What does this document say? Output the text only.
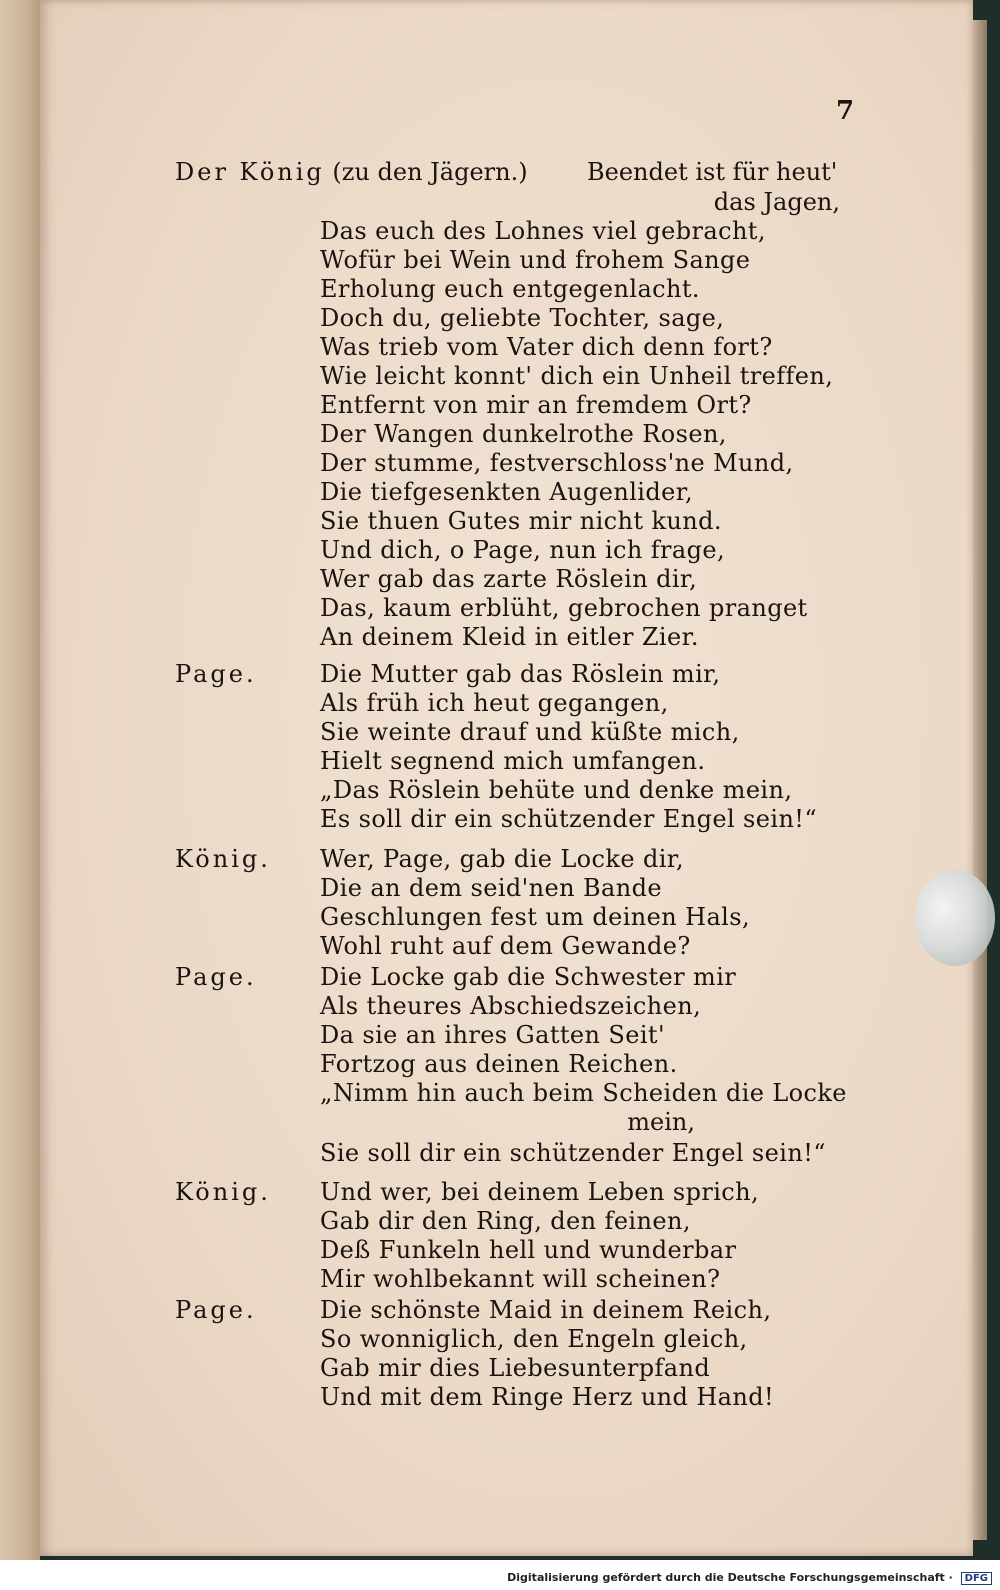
7
Der König (zu den Jägern.) Beendet ist für heut'
das Jagen,
Das euch des Lohnes viel gebracht,
Wofür bei Wein und frohem Sange
Erholung euch entgegenlacht.
Doch du, geliebte Tochter, sage,
Was trieb vom Vater dich denn fort?
Wie leicht konnt' dich ein Unheil treffen,
Entfernt von mir an fremdem Ort?
Der Wangen dunkelrothe Rosen,
Der stumme, festverschloss'ne Mund,
Die tiefgesenkten Augenlider,
Sie thuen Gutes mir nicht kund.
Und dich, o Page, nun ich frage,
Wer gab das zarte Röslein dir,
Das, kaum erblüht, gebrochen pranget
An deinem Kleid in eitler Zier.
Page.	Die Mutter gab das Röslein mir,
Als früh ich heut gegangen,
Sie weinte drauf und küßte mich,
Hielt segnend mich umfangen.
„Das Röslein behüte und denke mein,
Es soll dir ein schützender Engel sein!“
König. Wer, Page, gab die Locke dir,
Die an dem seid'nen Bande
Geschlungen fest um deinen Hals,
Wohl ruht auf dem Gewande?
Page.	Die Locke gab die Schwester mir
Als theures Abschiedszeichen,
Da sie an ihres Gatten Seit'
Fortzog aus deinen Reichen.
„Nimm hin auch beim Scheiden die Locke
mein,
Sie soll dir ein schützender Engel sein!“
König. Und wer, bei deinem Leben sprich,
Gab dir den Ring, den feinen,
Deß Funkeln hell und wunderbar
Mir wohlbekannt will scheinen?
Page.	Die schönste Maid in deinem Reich,
So wonniglich, den Engeln gleich,
Gab mir dies Liebesunterpfand
Und mit dem Ringe Herz und Hand!
Digitalisierung gefördert durch die Deutsche Forschungsgemeinschaft · DFG
